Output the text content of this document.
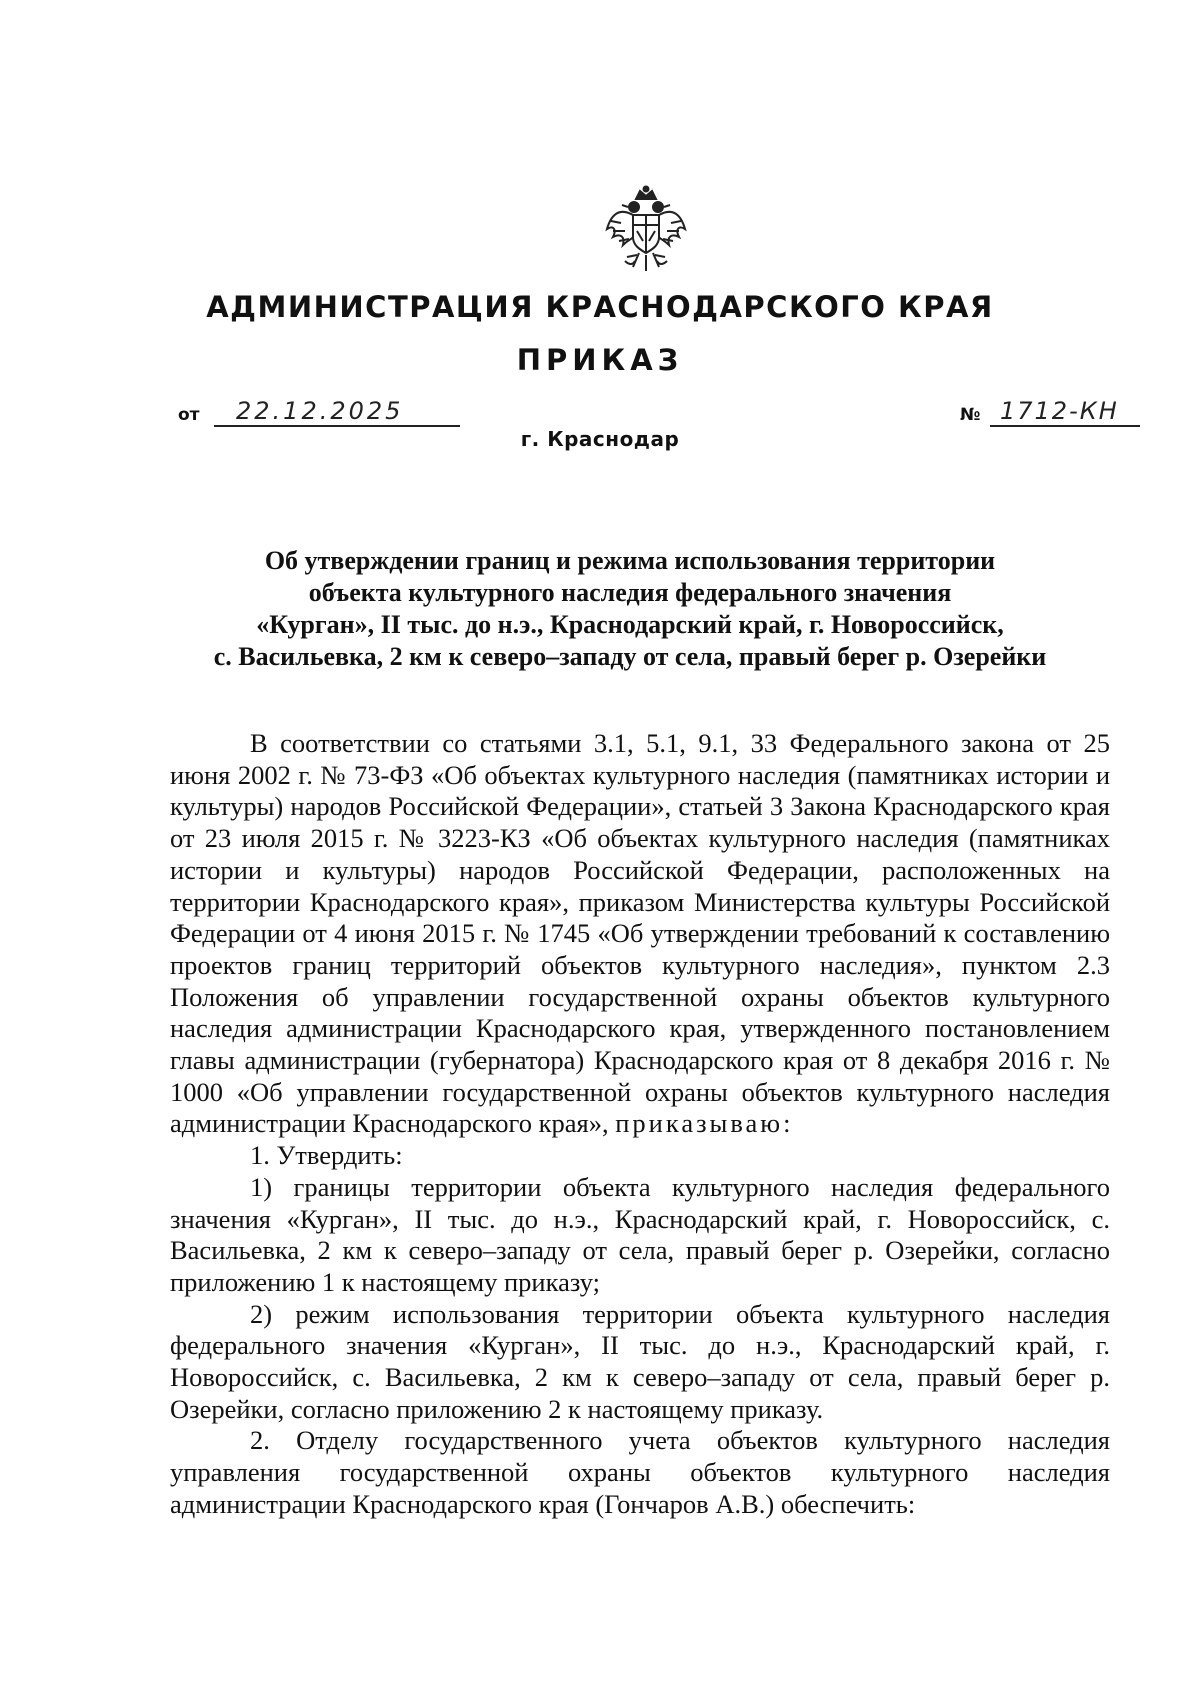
АДМИНИСТРАЦИЯ КРАСНОДАРСКОГО КРАЯ
ПРИКАЗ
от 22.12.2025
г. Краснодар
№ 1712-КН
Об утверждении границ и режима использования территории
объекта культурного наследия федерального значения
«Курган», II тыс. до н.э., Краснодарский край, г. Новороссийск,
с. Васильевка, 2 км к северо–западу от села, правый берег р. Озерейки

В соответствии со статьями 3.1, 5.1, 9.1, 33 Федерального закона от 25 июня 2002 г. № 73-ФЗ «Об объектах культурного наследия (памятниках истории и культуры) народов Российской Федерации», статьей 3 Закона Краснодарского края от 23 июля 2015 г. № 3223-КЗ «Об объектах культурного наследия (памятниках истории и культуры) народов Российской Федерации, расположенных на территории Краснодарского края», приказом Министерства культуры Российской Федерации от 4 июня 2015 г. № 1745 «Об утверждении требований к составлению проектов границ территорий объектов культурного наследия», пунктом 2.3 Положения об управлении государственной охраны объектов культурного наследия администрации Краснодарского края, утвержденного постановлением главы администрации (губернатора) Краснодарского края от 8 декабря 2016 г. № 1000 «Об управлении государственной охраны объектов культурного наследия администрации Краснодарского края», приказываю:

1. Утвердить:

1) границы территории объекта культурного наследия федерального значения «Курган», II тыс. до н.э., Краснодарский край, г. Новороссийск, с. Васильевка, 2 км к северо–западу от села, правый берег р. Озерейки, согласно приложению 1 к настоящему приказу;

2) режим использования территории объекта культурного наследия федерального значения «Курган», II тыс. до н.э., Краснодарский край, г. Новороссийск, с. Васильевка, 2 км к северо–западу от села, правый берег р. Озерейки, согласно приложению 2 к настоящему приказу.

2. Отделу государственного учета объектов культурного наследия управления государственной охраны объектов культурного наследия администрации Краснодарского края (Гончаров А.В.) обеспечить:
